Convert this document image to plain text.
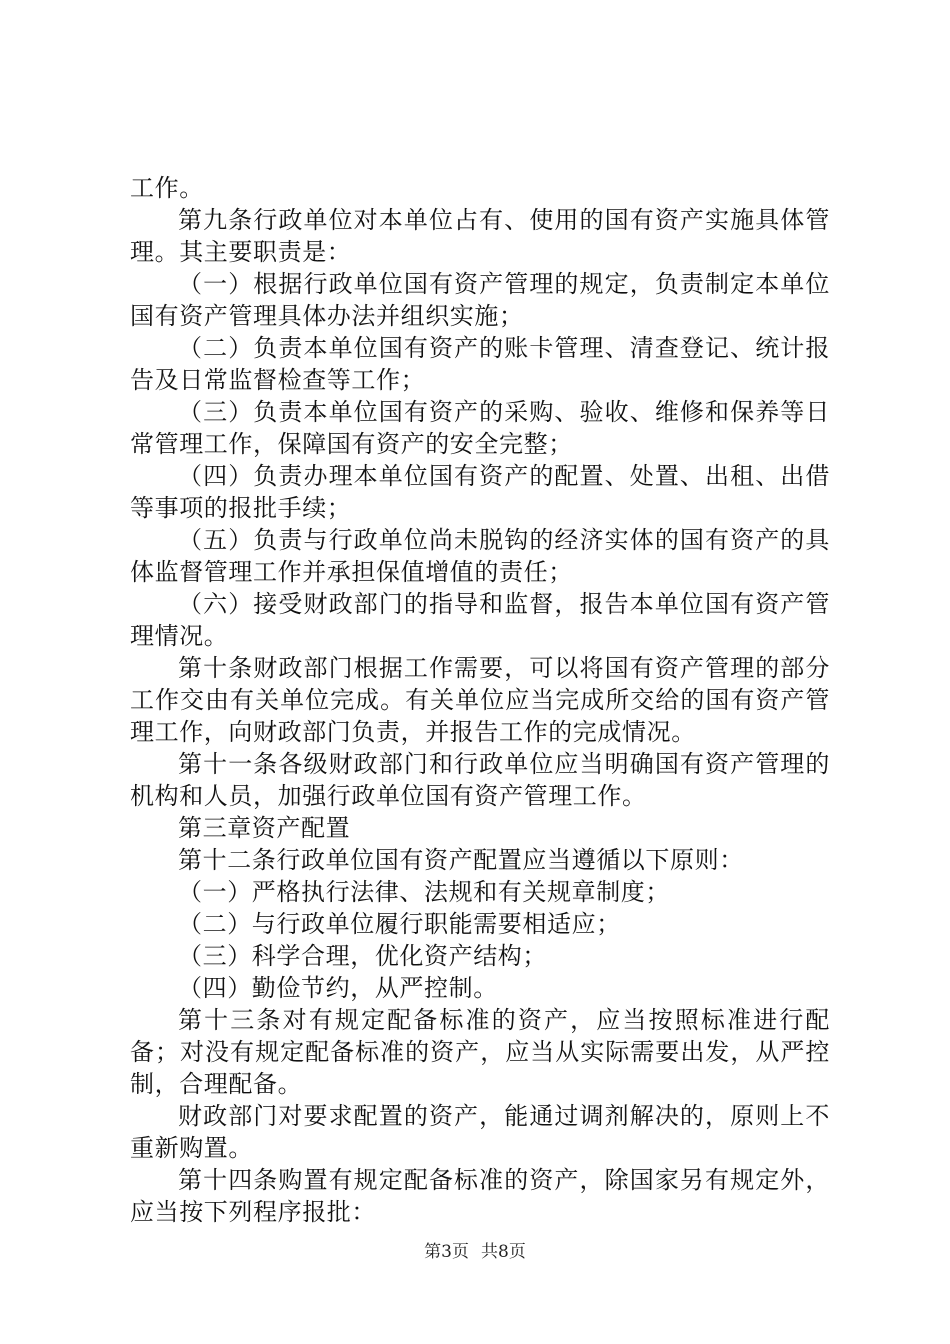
工作。

第九条行政单位对本单位占有、使用的国有资产实施具体管理。其主要职责是：

（一）根据行政单位国有资产管理的规定，负责制定本单位国有资产管理具体办法并组织实施；

（二）负责本单位国有资产的账卡管理、清查登记、统计报告及日常监督检查等工作；

（三）负责本单位国有资产的采购、验收、维修和保养等日常管理工作，保障国有资产的安全完整；

（四）负责办理本单位国有资产的配置、处置、出租、出借等事项的报批手续；

（五）负责与行政单位尚未脱钩的经济实体的国有资产的具体监督管理工作并承担保值增值的责任；

（六）接受财政部门的指导和监督，报告本单位国有资产管理情况。

第十条财政部门根据工作需要，可以将国有资产管理的部分工作交由有关单位完成。有关单位应当完成所交给的国有资产管理工作，向财政部门负责，并报告工作的完成情况。

第十一条各级财政部门和行政单位应当明确国有资产管理的机构和人员，加强行政单位国有资产管理工作。

第三章资产配置

第十二条行政单位国有资产配置应当遵循以下原则：

（一）严格执行法律、法规和有关规章制度；

（二）与行政单位履行职能需要相适应；

（三）科学合理，优化资产结构；

（四）勤俭节约，从严控制。

第十三条对有规定配备标准的资产，应当按照标准进行配备；对没有规定配备标准的资产，应当从实际需要出发，从严控制，合理配备。

财政部门对要求配置的资产，能通过调剂解决的，原则上不重新购置。

第十四条购置有规定配备标准的资产，除国家另有规定外，应当按下列程序报批：

第3页 共8页
